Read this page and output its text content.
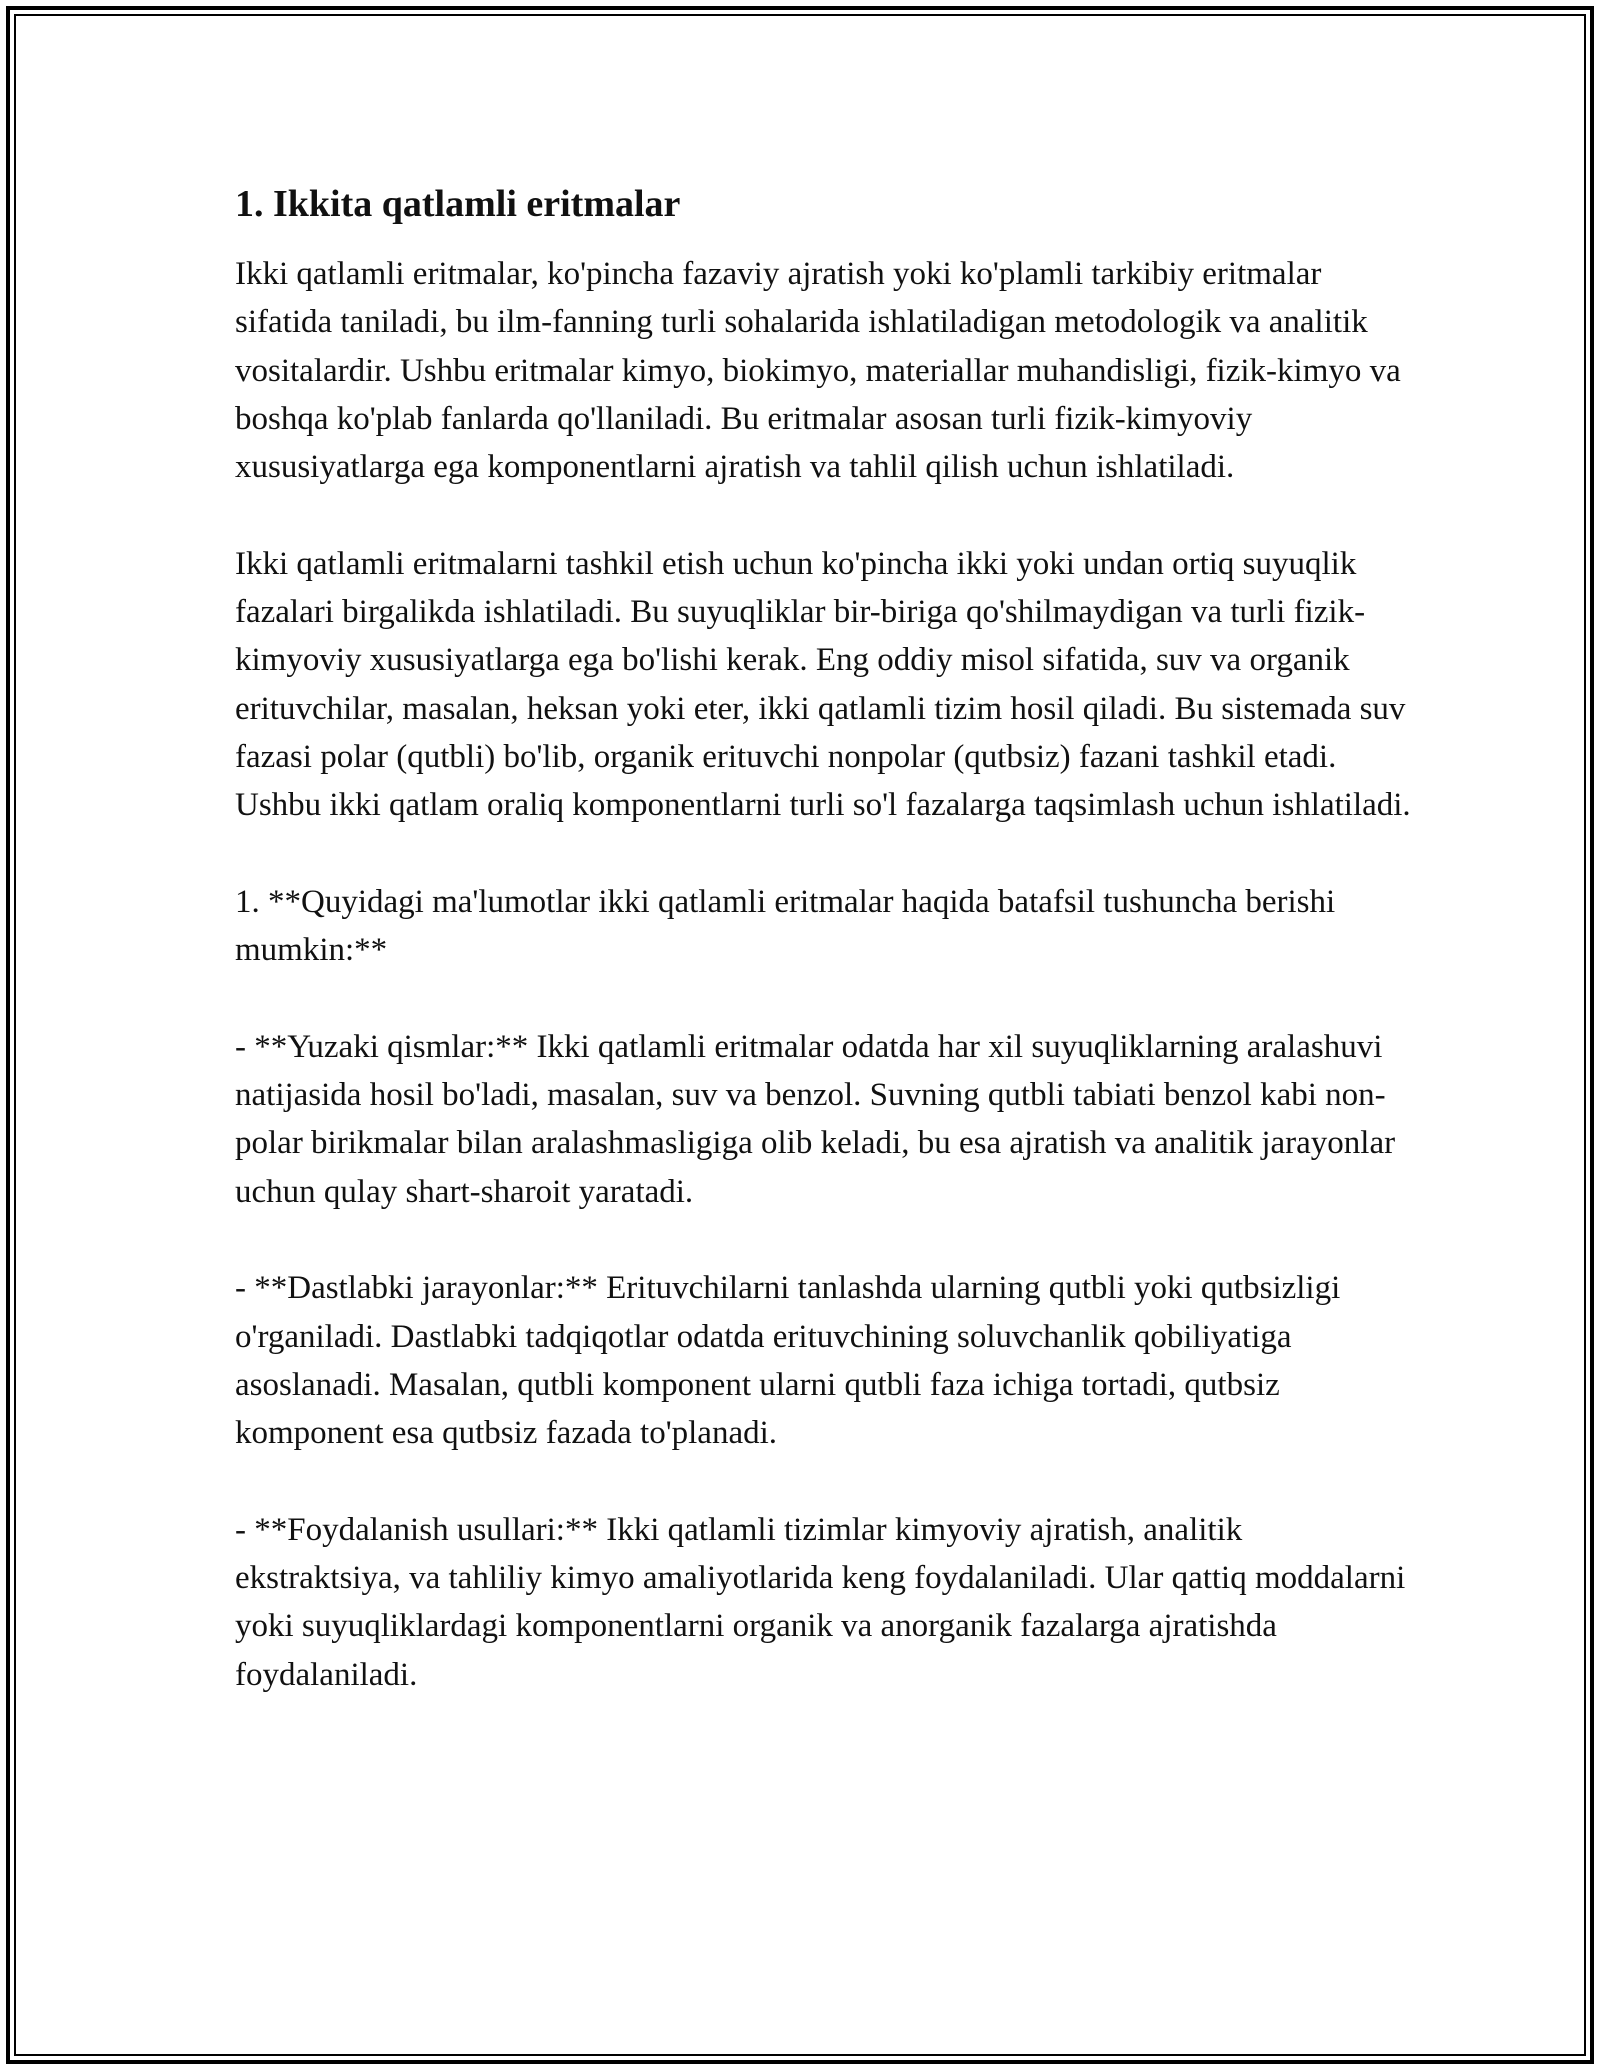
1. Ikkita qatlamli eritmalar

Ikki qatlamli eritmalar, ko'pincha fazaviy ajratish yoki ko'plamli tarkibiy eritmalar sifatida taniladi, bu ilm-fanning turli sohalarida ishlatiladigan metodologik va analitik vositalardir. Ushbu eritmalar kimyo, biokimyo, materiallar muhandisligi, fizik-kimyo va boshqa ko'plab fanlarda qo'llaniladi. Bu eritmalar asosan turli fizik-kimyoviy xususiyatlarga ega komponentlarni ajratish va tahlil qilish uchun ishlatiladi.

Ikki qatlamli eritmalarni tashkil etish uchun ko'pincha ikki yoki undan ortiq suyuqlik fazalari birgalikda ishlatiladi. Bu suyuqliklar bir-biriga qo'shilmaydigan va turli fizik-kimyoviy xususiyatlarga ega bo'lishi kerak. Eng oddiy misol sifatida, suv va organik erituvchilar, masalan, heksan yoki eter, ikki qatlamli tizim hosil qiladi. Bu sistemada suv fazasi polar (qutbli) bo'lib, organik erituvchi nonpolar (qutbsiz) fazani tashkil etadi. Ushbu ikki qatlam oraliq komponentlarni turli so'l fazalarga taqsimlash uchun ishlatiladi.

1. **Quyidagi ma'lumotlar ikki qatlamli eritmalar haqida batafsil tushuncha berishi mumkin:**

- **Yuzaki qismlar:** Ikki qatlamli eritmalar odatda har xil suyuqliklarning aralashuvi natijasida hosil bo'ladi, masalan, suv va benzol. Suvning qutbli tabiati benzol kabi non-polar birikmalar bilan aralashmasligiga olib keladi, bu esa ajratish va analitik jarayonlar uchun qulay shart-sharoit yaratadi.

- **Dastlabki jarayonlar:** Erituvchilarni tanlashda ularning qutbli yoki qutbsizligi o'rganiladi. Dastlabki tadqiqotlar odatda erituvchining soluvchanlik qobiliyatiga asoslanadi. Masalan, qutbli komponent ularni qutbli faza ichiga tortadi, qutbsiz komponent esa qutbsiz fazada to'planadi.

- **Foydalanish usullari:** Ikki qatlamli tizimlar kimyoviy ajratish, analitik ekstraktsiya, va tahliliy kimyo amaliyotlarida keng foydalaniladi. Ular qattiq moddalarni yoki suyuqliklardagi komponentlarni organik va anorganik fazalarga ajratishda foydalaniladi.
